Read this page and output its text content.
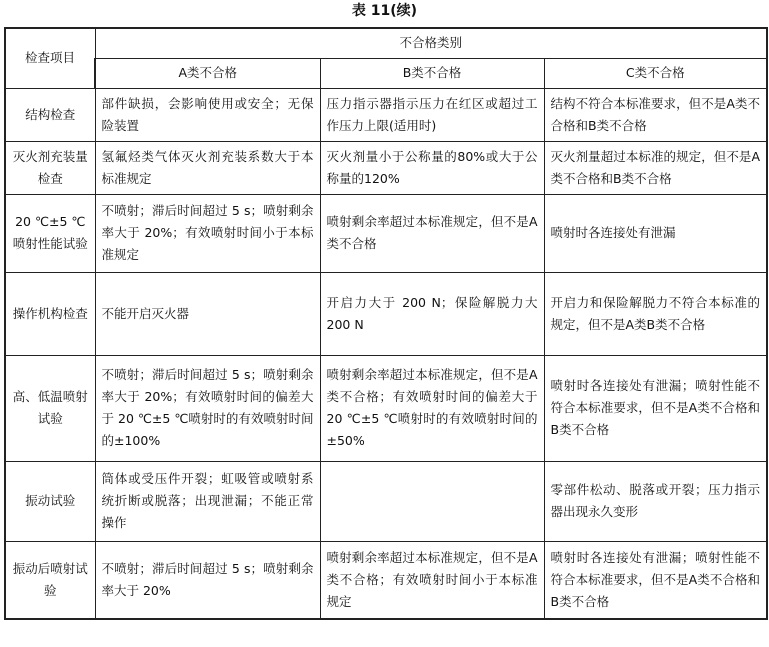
表 11(续)
检查项目	不合格类别		
	A类不合格	B类不合格	C类不合格
结构检查	部件缺损，会影响使用或安全；无保险装置	压力指示器指示压力在红区或超过工作压力上限(适用时)	结构不符合本标准要求，但不是A类不合格和B类不合格
灭火剂充装量检查	氢氟烃类气体灭火剂充装系数大于本标准规定	灭火剂量小于公称量的80%或大于公称量的120%	灭火剂量超过本标准的规定，但不是A类不合格和B类不合格
20 ℃±5 ℃喷射性能试验	不喷射；滞后时间超过 5 s；喷射剩余率大于 20%；有效喷射时间小于本标准规定	喷射剩余率超过本标准规定，但不是A类不合格	喷射时各连接处有泄漏
操作机构检查	不能开启灭火器	开启力大于 200 N；保险解脱力大 200 N	开启力和保险解脱力不符合本标准的规定，但不是A类B类不合格
高、低温喷射试验	不喷射；滞后时间超过 5 s；喷射剩余率大于 20%；有效喷射时间的偏差大于 20 ℃±5 ℃喷射时的有效喷射时间的±100%	喷射剩余率超过本标准规定，但不是A类不合格；有效喷射时间的偏差大于 20 ℃±5 ℃喷射时的有效喷射时间的±50%	喷射时各连接处有泄漏；喷射性能不符合本标准要求，但不是A类不合格和B类不合格
振动试验	筒体或受压件开裂；虹吸管或喷射系统折断或脱落；出现泄漏；不能正常操作		零部件松动、脱落或开裂；压力指示器出现永久变形
振动后喷射试验	不喷射；滞后时间超过 5 s；喷射剩余率大于 20%	喷射剩余率超过本标准规定，但不是A类不合格；有效喷射时间小于本标准规定	喷射时各连接处有泄漏；喷射性能不符合本标准要求，但不是A类不合格和B类不合格
